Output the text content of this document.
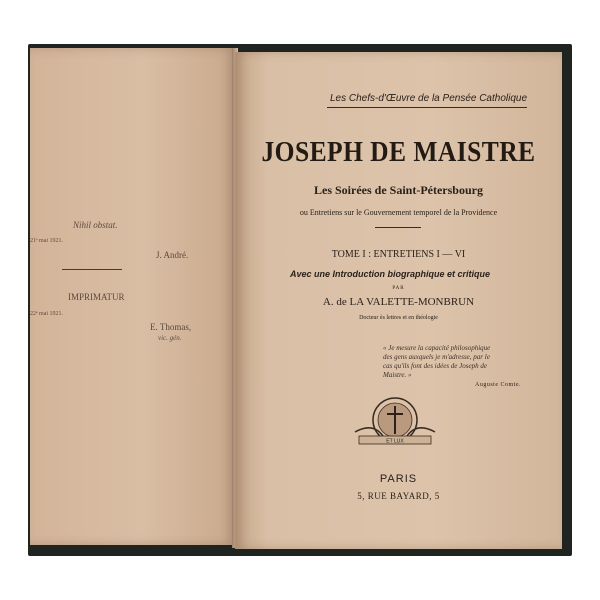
Nihil obstat.
21ᵉ mai 1921.
J. André.
IMPRIMATUR
22ᵉ mai 1921.
E. Thomas,
vic. gén.
Les Chefs-d'Œuvre de la Pensée Catholique
JOSEPH DE MAISTRE
Les Soirées de Saint-Pétersbourg
ou Entretiens sur le Gouvernement temporel de la Providence
TOME I : ENTRETIENS I — VI
Avec une Introduction biographique et critique
PAR
A. de LA VALETTE-MONBRUN
Docteur ès lettres et en théologie
« Je mesure la capacité philosophique
des gens auxquels je m'adresse, par le
cas qu'ils font des idées de Joseph de
Maistre. »
Auguste Comte.
ET LUX
PARIS
5, RUE BAYARD, 5
